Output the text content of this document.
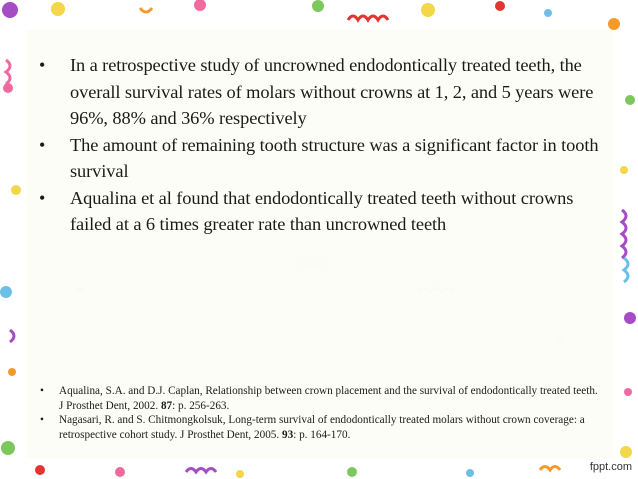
• In a retrospective study of uncrowned endodontically treated teeth, the overall survival rates of molars without crowns at 1, 2, and 5 years were 96%, 88% and 36% respectively
• The amount of remaining tooth structure was a significant factor in tooth survival
• Aqualina et al found that endodontically treated teeth without crowns failed at a 6 times greater rate than uncrowned teeth
• Aqualina, S.A. and D.J. Caplan, Relationship between crown placement and the survival of endodontically treated teeth. J Prosthet Dent, 2002. 87: p. 256-263.
• Nagasari, R. and S. Chitmongkolsuk, Long-term survival of endodontically treated molars without crown coverage: a retrospective cohort study. J Prosthet Dent, 2005. 93: p. 164-170.
fppt.com
